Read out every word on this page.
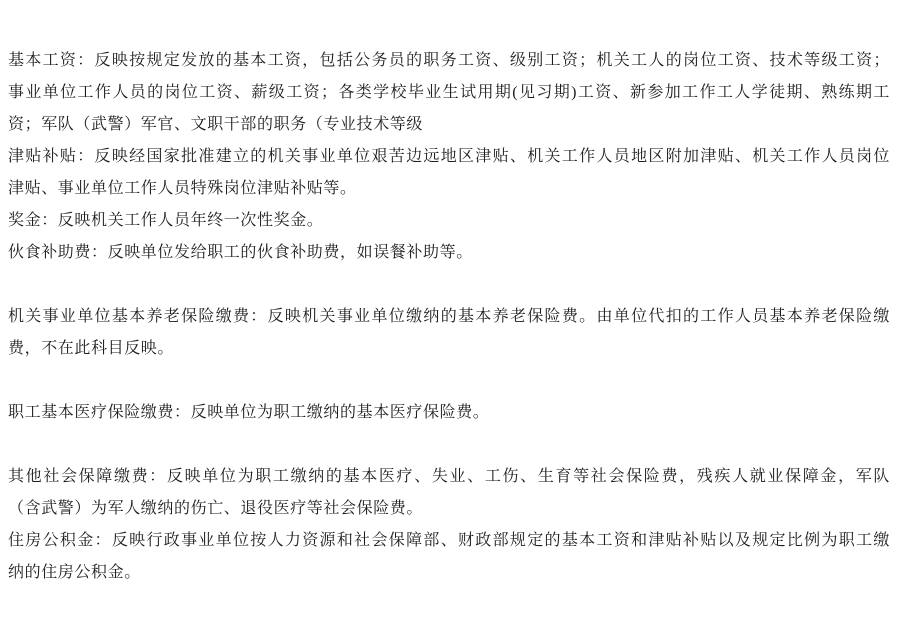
基本工资：反映按规定发放的基本工资，包括公务员的职务工资、级别工资；机关工人的岗位工资、技术等级工资；
事业单位工作人员的岗位工资、薪级工资；各类学校毕业生试用期(见习期)工资、新参加工作工人学徒期、熟练期工
资；军队（武警）军官、文职干部的职务（专业技术等级

津贴补贴：反映经国家批准建立的机关事业单位艰苦边远地区津贴、机关工作人员地区附加津贴、机关工作人员岗位
津贴、事业单位工作人员特殊岗位津贴补贴等。

奖金：反映机关工作人员年终一次性奖金。

伙食补助费：反映单位发给职工的伙食补助费，如误餐补助等。

机关事业单位基本养老保险缴费：反映机关事业单位缴纳的基本养老保险费。由单位代扣的工作人员基本养老保险缴
费，不在此科目反映。

职工基本医疗保险缴费：反映单位为职工缴纳的基本医疗保险费。

其他社会保障缴费：反映单位为职工缴纳的基本医疗、失业、工伤、生育等社会保险费，残疾人就业保障金，军队
（含武警）为军人缴纳的伤亡、退役医疗等社会保险费。

住房公积金：反映行政事业单位按人力资源和社会保障部、财政部规定的基本工资和津贴补贴以及规定比例为职工缴
纳的住房公积金。
